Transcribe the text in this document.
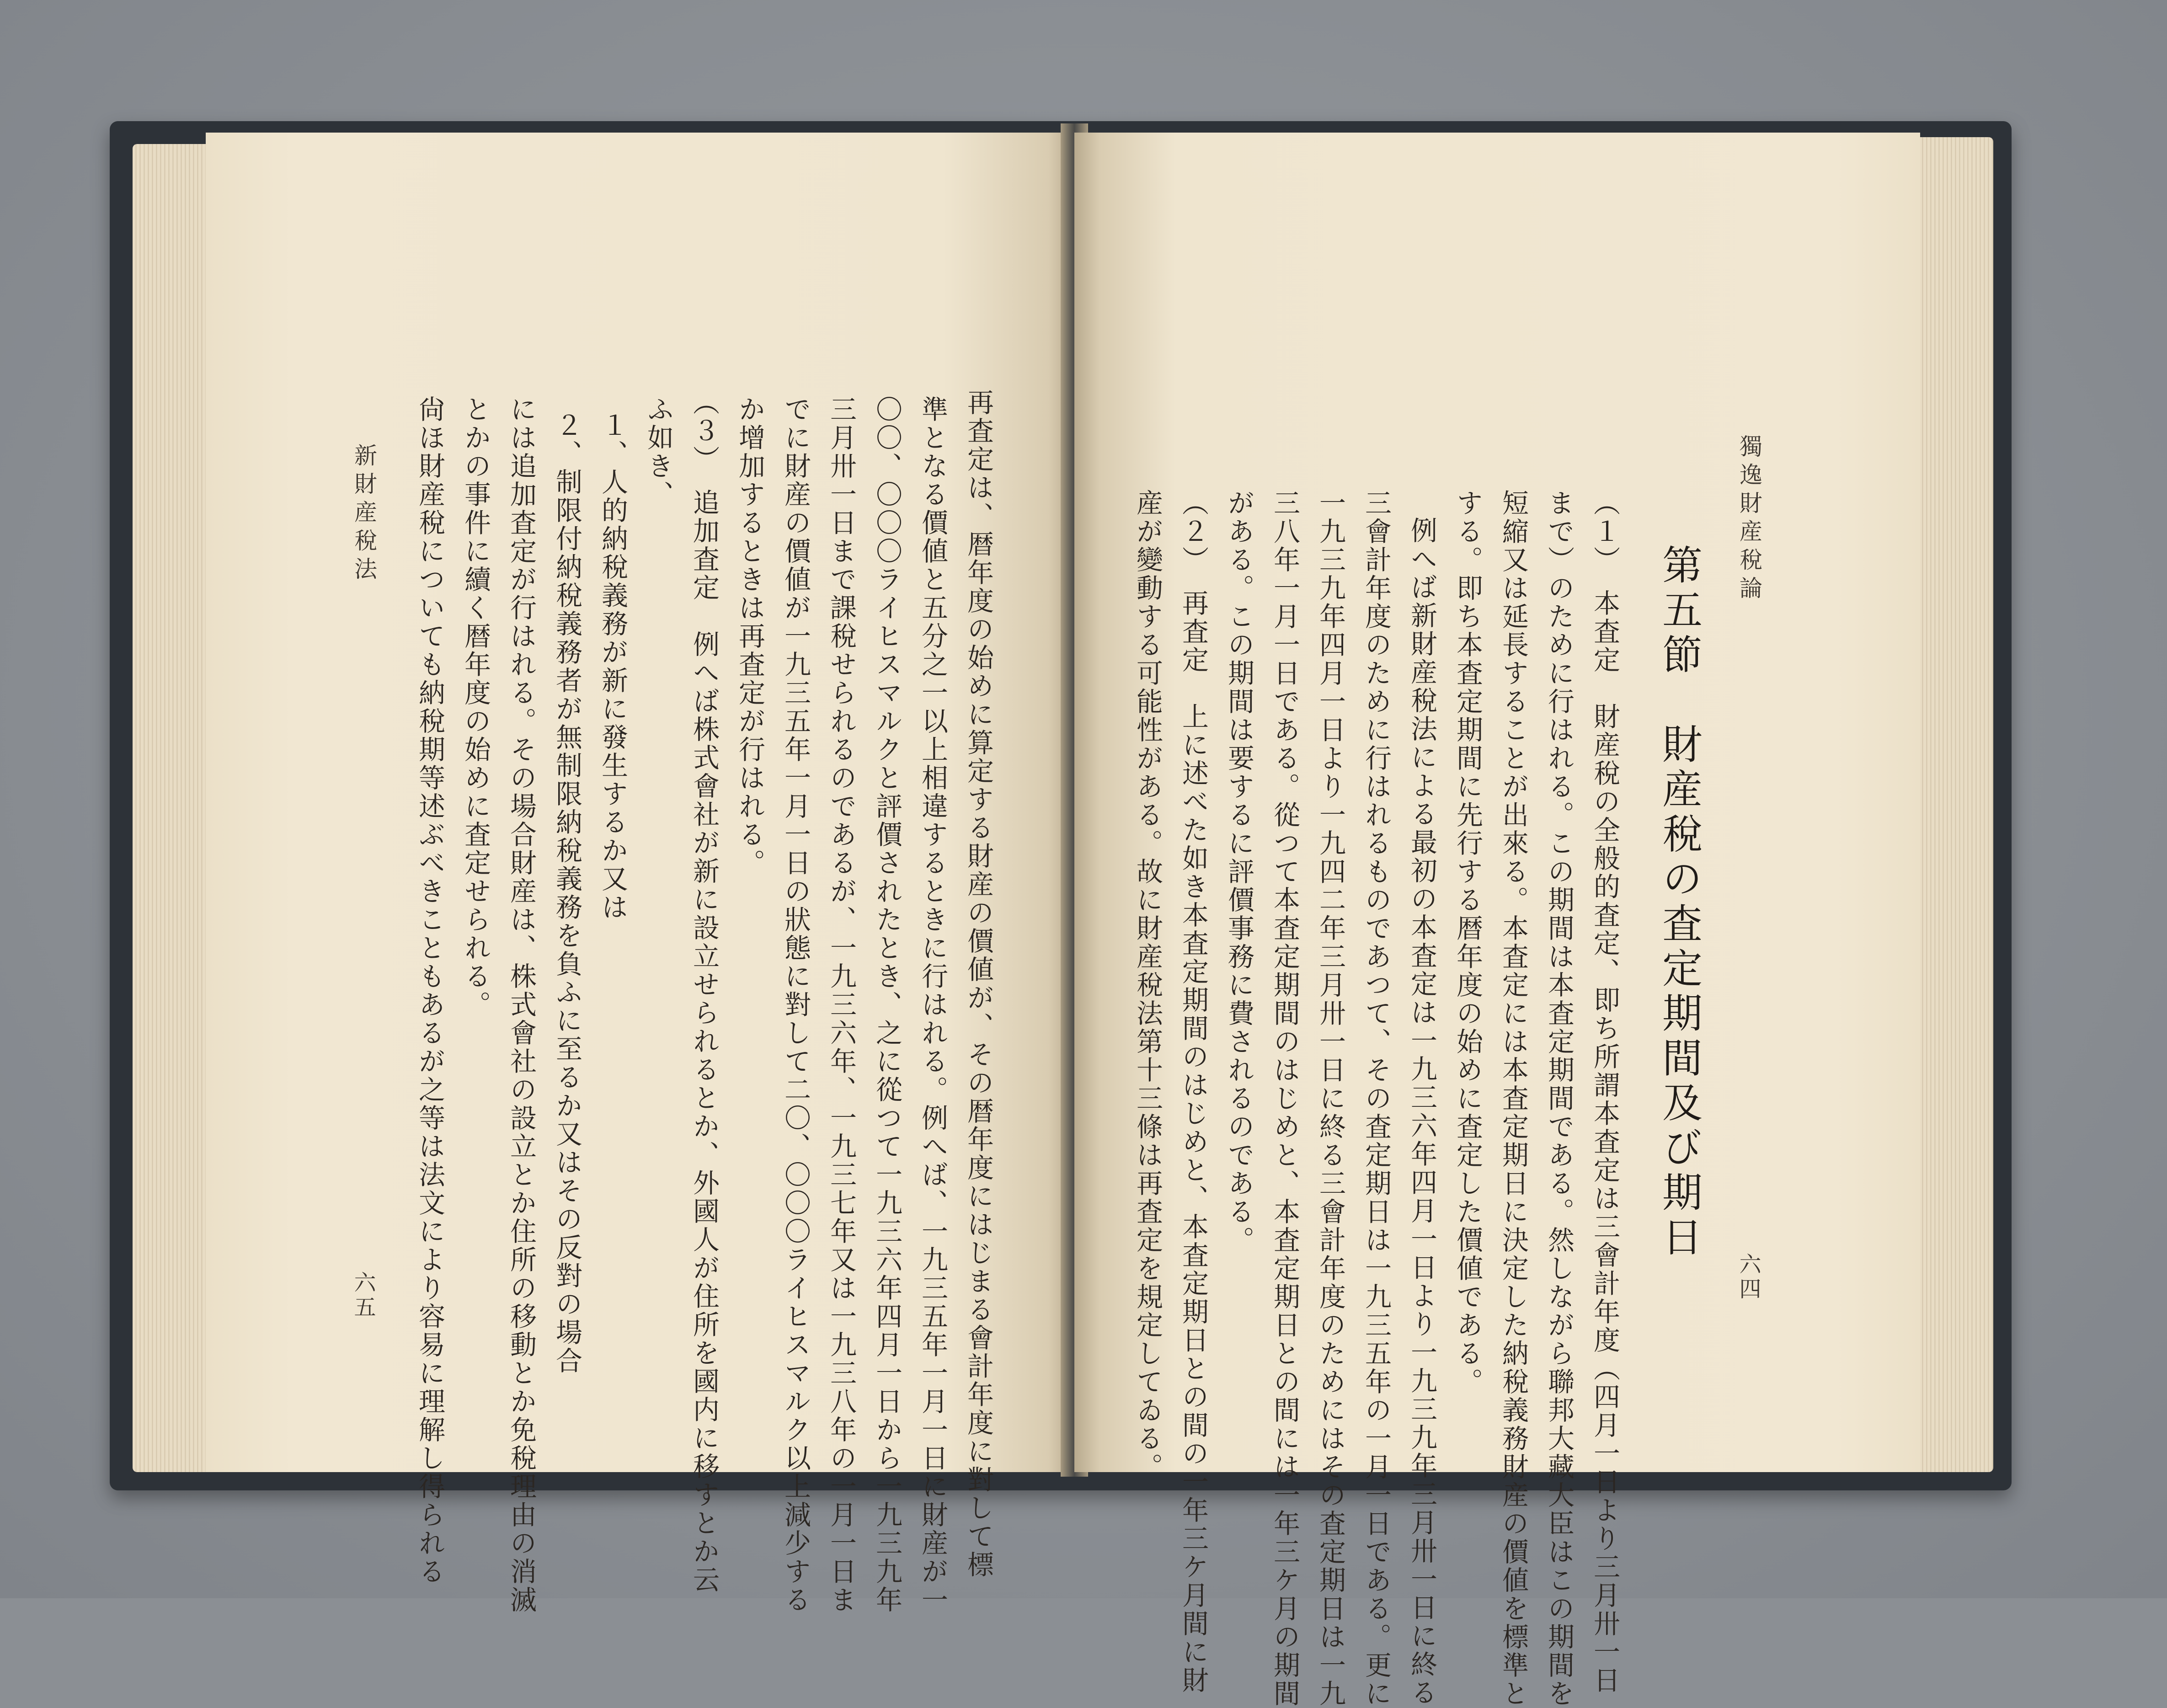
再査定は、暦年度の始めに算定する財産の價値が、その暦年度にはじまる會計年度に對して標
準となる價値と五分之一以上相違するときに行はれる。例へば、一九三五年一月一日に財産が一
〇〇、〇〇〇ライヒスマルクと評價されたとき、之に從つて一九三六年四月一日から一九三九年
三月卅一日まで課稅せられるのであるが、一九三六年、一九三七年又は一九三八年の一月一日ま
でに財産の價値が一九三五年一月一日の狀態に對して二〇、〇〇〇ライヒスマルク以上減少する
か增加するときは再査定が行はれる。
（３）　追加査定　例へば株式會社が新に設立せられるとか、外國人が住所を國内に移すとか云
ふ如き、
１、人的納稅義務が新に發生するか又は
２、制限付納稅義務者が無制限納稅義務を負ふに至るか又はその反對の場合
には追加査定が行はれる。その場合財産は、株式會社の設立とか住所の移動とか免稅理由の消滅
とかの事件に續く暦年度の始めに査定せられる。
尙ほ財産稅についても納稅期等述ぶべきこともあるが之等は法文により容易に理解し得られる
新財産稅法
六五
獨逸財産稅論
六四
第五節　財産稅の査定期間及び期日
（１）　本査定　財産稅の全般的査定、即ち所謂本査定は三會計年度（四月一日より三月卅一日
まで）のために行はれる。この期間は本査定期間である。然しながら聯邦大藏大臣はこの期間を
短縮又は延長することが出來る。本査定には本査定期日に決定した納稅義務財産の價値を標準と
する。即ち本査定期間に先行する暦年度の始めに査定した價値である。
例へば新財産稅法による最初の本査定は一九三六年四月一日より一九三九年三月卅一日に終る
三會計年度のために行はれるものであつて、その査定期日は一九三五年の一月一日である。更に
一九三九年四月一日より一九四二年三月卅一日に終る三會計年度のためにはその査定期日は一九
三八年一月一日である。從つて本査定期間のはじめと、本査定期日との間には一年三ケ月の期間
がある。この期間は要するに評價事務に費されるのである。
（２）　再査定　上に述べた如き本査定期間のはじめと、本査定期日との間の一年三ケ月間に財
産が變動する可能性がある。故に財産稅法第十三條は再査定を規定してゐる。
